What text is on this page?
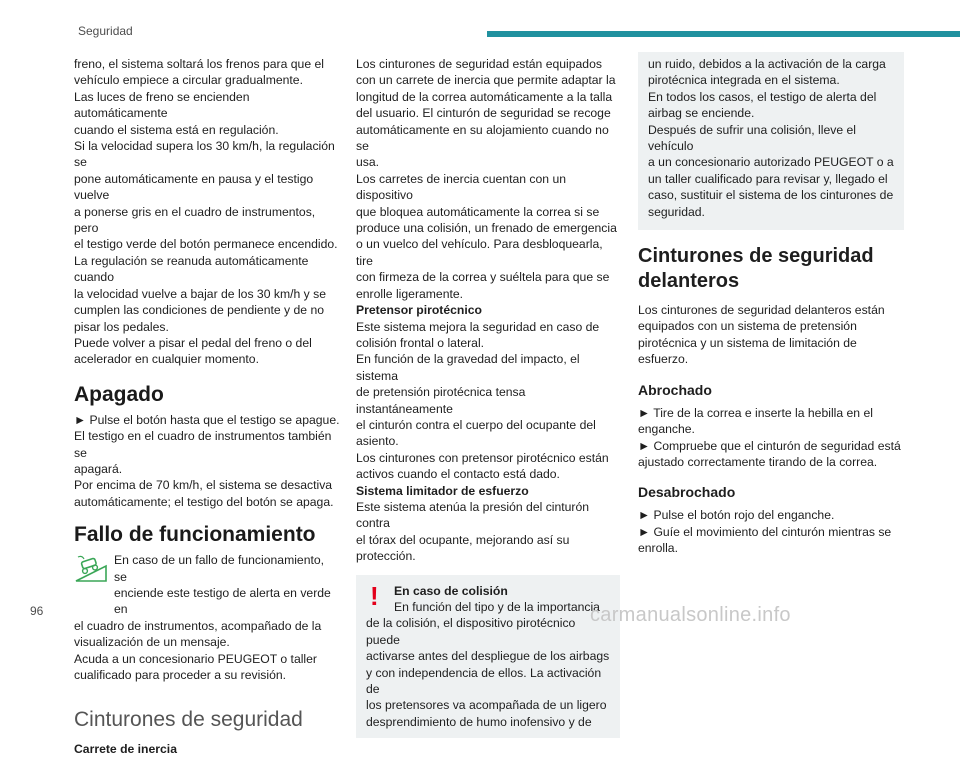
Seguridad

freno, el sistema soltará los frenos para que el

vehículo empiece a circular gradualmente.

Las luces de freno se encienden automáticamente

cuando el sistema está en regulación.

Si la velocidad supera los 30 km/h, la regulación se

pone automáticamente en pausa y el testigo vuelve

a ponerse gris en el cuadro de instrumentos, pero

el testigo verde del botón permanece encendido.

La regulación se reanuda automáticamente cuando

la velocidad vuelve a bajar de los 30 km/h y se

cumplen las condiciones de pendiente y de no

pisar los pedales.

Puede volver a pisar el pedal del freno o del

acelerador en cualquier momento.

Apagado

► Pulse el botón hasta que el testigo se apague.

El testigo en el cuadro de instrumentos también se

apagará.

Por encima de 70 km/h, el sistema se desactiva

automáticamente; el testigo del botón se apaga.

Fallo de funcionamiento

En caso de un fallo de funcionamiento, se

enciende este testigo de alerta en verde en

el cuadro de instrumentos, acompañado de la

visualización de un mensaje.

Acuda a un concesionario PEUGEOT o taller

cualificado para proceder a su revisión.

Cinturones de seguridad
Carrete de inercia

Los cinturones de seguridad están equipados

con un carrete de inercia que permite adaptar la

longitud de la correa automáticamente a la talla

del usuario. El cinturón de seguridad se recoge

automáticamente en su alojamiento cuando no se

usa.

Los carretes de inercia cuentan con un dispositivo

que bloquea automáticamente la correa si se

produce una colisión, un frenado de emergencia

o un vuelco del vehículo. Para desbloquearla, tire

con firmeza de la correa y suéltela para que se

enrolle ligeramente.

Pretensor pirotécnico

Este sistema mejora la seguridad en caso de

colisión frontal o lateral.

En función de la gravedad del impacto, el sistema

de pretensión pirotécnica tensa instantáneamente

el cinturón contra el cuerpo del ocupante del

asiento.

Los cinturones con pretensor pirotécnico están

activos cuando el contacto está dado.

Sistema limitador de esfuerzo

Este sistema atenúa la presión del cinturón contra

el tórax del ocupante, mejorando así su protección.

!	En caso de colisión
En función del tipo y de la importancia

de la colisión, el dispositivo pirotécnico puede

activarse antes del despliegue de los airbags

y con independencia de ellos. La activación de

los pretensores va acompañada de un ligero

desprendimiento de humo inofensivo y de

un ruido, debidos a la activación de la carga

pirotécnica integrada en el sistema.

En todos los casos, el testigo de alerta del

airbag se enciende.

Después de sufrir una colisión, lleve el vehículo

a un concesionario autorizado PEUGEOT o a

un taller cualificado para revisar y, llegado el

caso, sustituir el sistema de los cinturones de

seguridad.

Cinturones de seguridad
delanteros

Los cinturones de seguridad delanteros están

equipados con un sistema de pretensión

pirotécnica y un sistema de limitación de esfuerzo.

Abrochado

► Tire de la correa e inserte la hebilla en el

enganche.

► Compruebe que el cinturón de seguridad está

ajustado correctamente tirando de la correa.

Desabrochado

► Pulse el botón rojo del enganche.

► Guíe el movimiento del cinturón mientras se

enrolla.

96	carmanualsonline.info
